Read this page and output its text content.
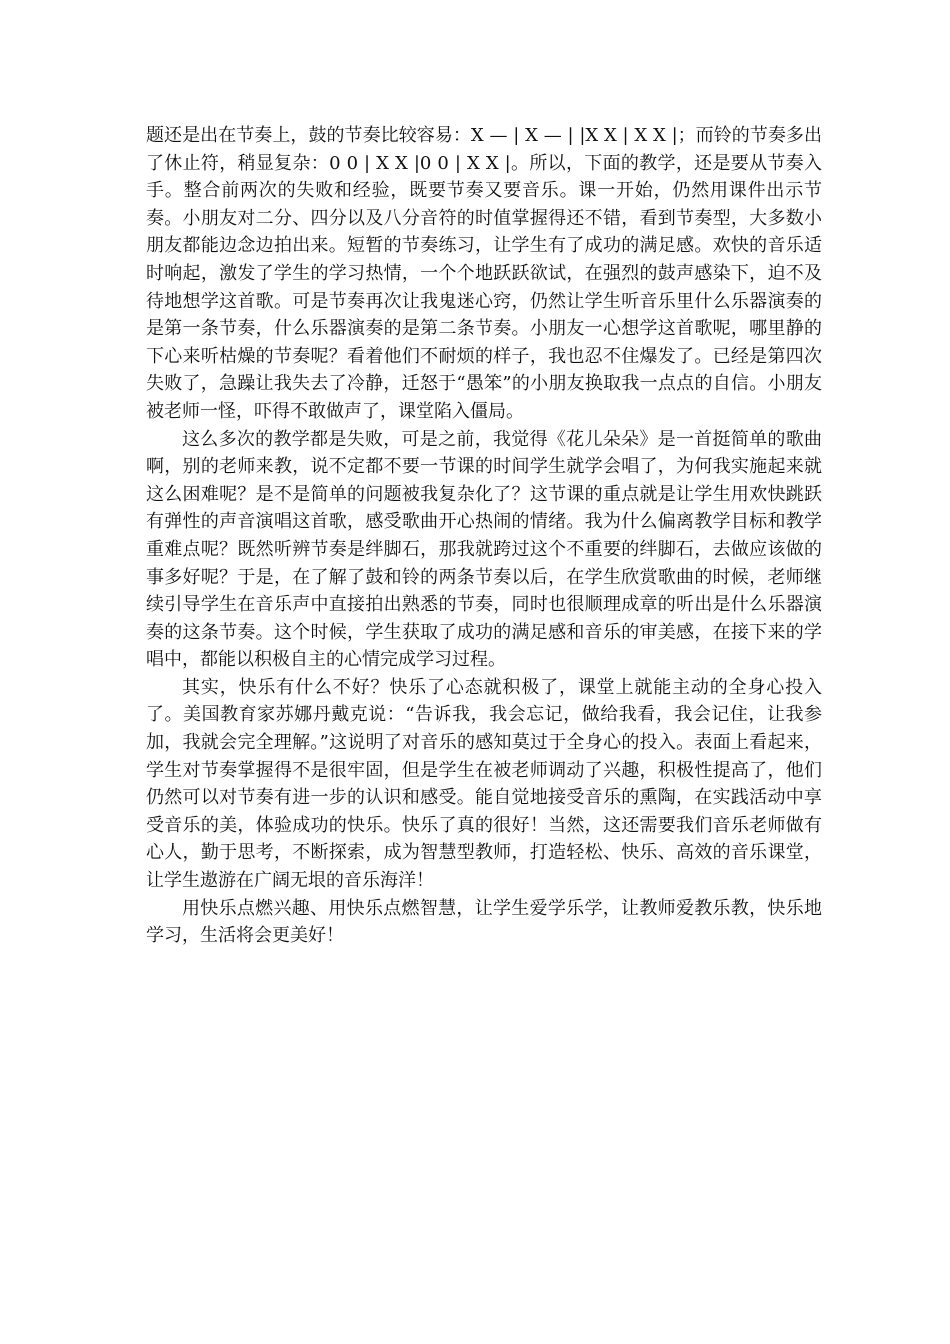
题还是出在节奏上，鼓的节奏比较容易：X — | X — | |X X | X X |；而铃的节奏多出了休止符，稍显复杂：0 0 | X X |0 0 | X X |。所以，下面的教学，还是要从节奏入手。整合前两次的失败和经验，既要节奏又要音乐。课一开始，仍然用课件出示节奏。小朋友对二分、四分以及八分音符的时值掌握得还不错，看到节奏型，大多数小朋友都能边念边拍出来。短暂的节奏练习，让学生有了成功的满足感。欢快的音乐适时响起，激发了学生的学习热情，一个个地跃跃欲试，在强烈的鼓声感染下，迫不及待地想学这首歌。可是节奏再次让我鬼迷心窍，仍然让学生听音乐里什么乐器演奏的是第一条节奏，什么乐器演奏的是第二条节奏。小朋友一心想学这首歌呢，哪里静的下心来听枯燥的节奏呢？看着他们不耐烦的样子，我也忍不住爆发了。已经是第四次失败了，急躁让我失去了冷静，迁怒于“愚笨”的小朋友换取我一点点的自信。小朋友被老师一怪，吓得不敢做声了，课堂陷入僵局。

这么多次的教学都是失败，可是之前，我觉得《花儿朵朵》是一首挺简单的歌曲啊，别的老师来教，说不定都不要一节课的时间学生就学会唱了，为何我实施起来就这么困难呢？是不是简单的问题被我复杂化了？这节课的重点就是让学生用欢快跳跃有弹性的声音演唱这首歌，感受歌曲开心热闹的情绪。我为什么偏离教学目标和教学重难点呢？既然听辨节奏是绊脚石，那我就跨过这个不重要的绊脚石，去做应该做的事多好呢？于是，在了解了鼓和铃的两条节奏以后，在学生欣赏歌曲的时候，老师继续引导学生在音乐声中直接拍出熟悉的节奏，同时也很顺理成章的听出是什么乐器演奏的这条节奏。这个时候，学生获取了成功的满足感和音乐的审美感，在接下来的学唱中，都能以积极自主的心情完成学习过程。

其实，快乐有什么不好？快乐了心态就积极了，课堂上就能主动的全身心投入了。美国教育家苏娜丹戴克说：“告诉我，我会忘记，做给我看，我会记住，让我参加，我就会完全理解。”这说明了对音乐的感知莫过于全身心的投入。表面上看起来，学生对节奏掌握得不是很牢固，但是学生在被老师调动了兴趣，积极性提高了，他们仍然可以对节奏有进一步的认识和感受。能自觉地接受音乐的熏陶，在实践活动中享受音乐的美，体验成功的快乐。快乐了真的很好！当然，这还需要我们音乐老师做有心人，勤于思考，不断探索，成为智慧型教师，打造轻松、快乐、高效的音乐课堂，让学生遨游在广阔无垠的音乐海洋！

用快乐点燃兴趣、用快乐点燃智慧，让学生爱学乐学，让教师爱教乐教，快乐地学习，生活将会更美好！
